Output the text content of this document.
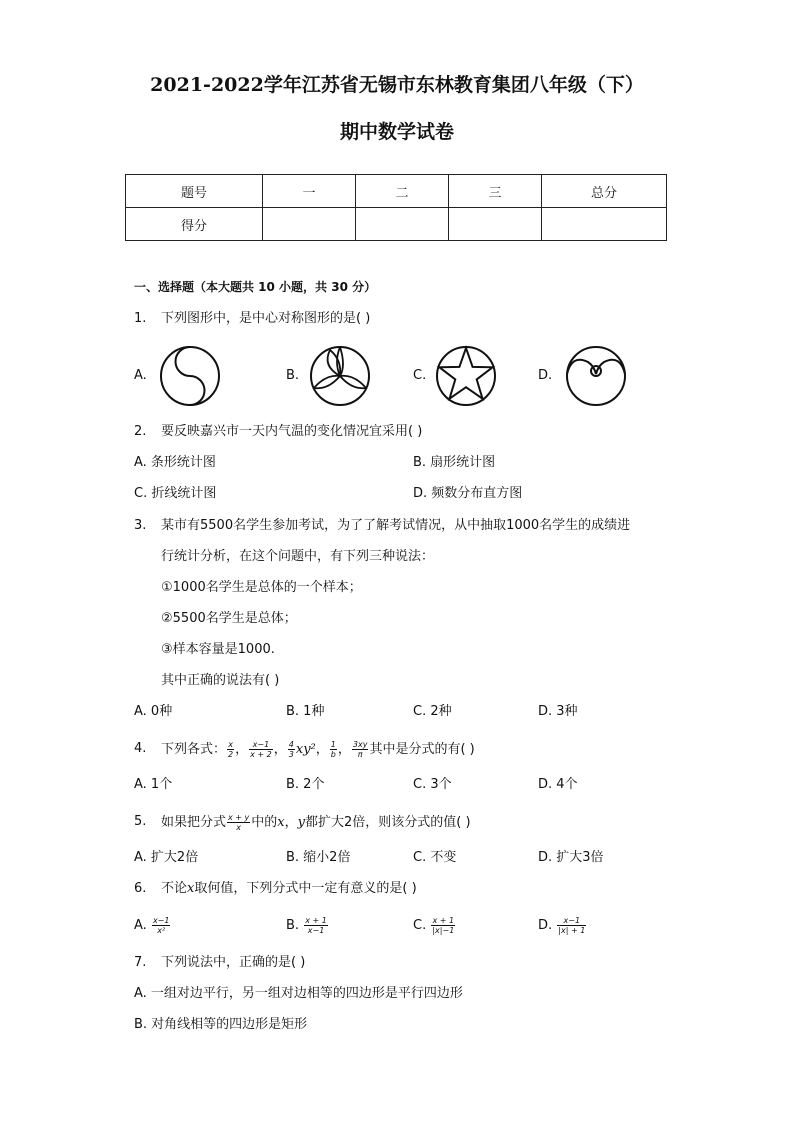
2021-2022学年江苏省无锡市东林教育集团八年级（下）
期中数学试卷
题号	一	二	三	总分
得分				
一、选择题（本大题共 10 小题，共 30 分）
1. 下列图形中，是中心对称图形的是( )
A.	B.	C.	D.
2. 要反映嘉兴市一天内气温的变化情况宜采用( )
A. 条形统计图	B. 扇形统计图
C. 折线统计图	D. 频数分布直方图
3. 某市有5500名学生参加考试，为了了解考试情况，从中抽取1000名学生的成绩进
行统计分析，在这个问题中，有下列三种说法：
①1000名学生是总体的一个样本；
②5500名学生是总体；
③样本容量是1000.
其中正确的说法有( )
A. 0种	B. 1种	C. 2种	D. 3种
4. 下列各式： $\frac{x}{2}$ ， $\frac{x-1}{x + 2}$ ， $\frac{4}{3} xy^2$， $\frac{1}{b}$ ， $\frac{3xy}{\pi}$ 其中是分式的有( )
A. 1个	B. 2个	C. 3个	D. 4个
5. 如果把分式 $\frac{x + y}{x}$ 中的x，y都扩大2倍，则该分式的值( )
A. 扩大2倍	B. 缩小2倍	C. 不变	D. 扩大3倍
6. 不论x取何值，下列分式中一定有意义的是( )
A. $\frac{x-1}{\text{x²}}$	B. $\frac{x + 1}{x-1}$	C. $\frac{x + 1}{|x|-1}$	D. $\frac{x-1}{|x| + 1}$
7. 下列说法中，正确的是( )
A. 一组对边平行，另一组对边相等的四边形是平行四边形
B. 对角线相等的四边形是矩形
